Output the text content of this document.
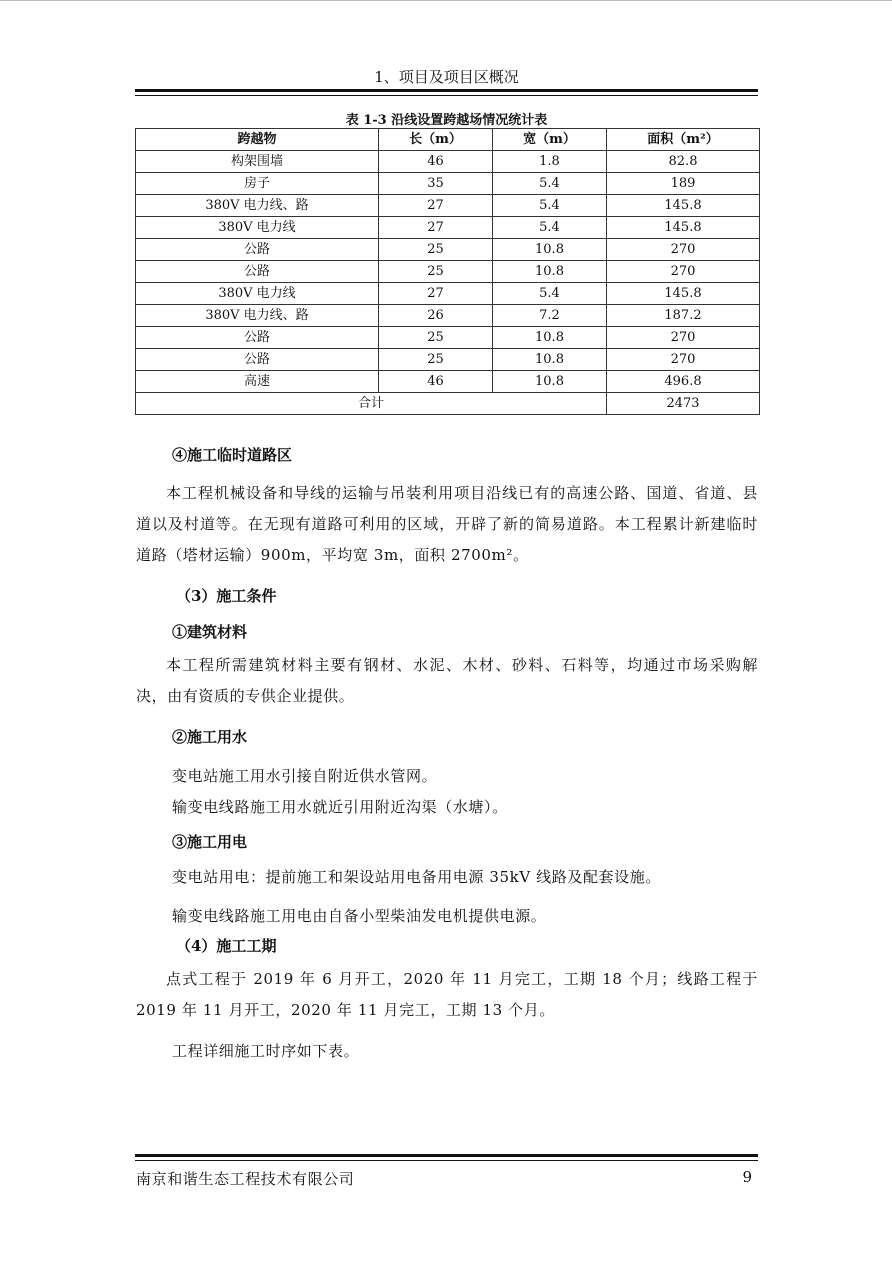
1、项目及项目区概况
表 1-3 沿线设置跨越场情况统计表
跨越物	长（m）	宽（m）	面积（m²）
构架围墙	46	1.8	82.8
房子	35	5.4	189
380V 电力线、路	27	5.4	145.8
380V 电力线	27	5.4	145.8
公路	25	10.8	270
公路	25	10.8	270
380V 电力线	27	5.4	145.8
380V 电力线、路	26	7.2	187.2
公路	25	10.8	270
公路	25	10.8	270
高速	46	10.8	496.8
合计			2473
④施工临时道路区
本工程机械设备和导线的运输与吊装利用项目沿线已有的高速公路、国道、省道、县道以及村道等。在无现有道路可利用的区域，开辟了新的简易道路。本工程累计新建临时道路（塔材运输）900m，平均宽 3m，面积 2700m²。
（3）施工条件
①建筑材料
本工程所需建筑材料主要有钢材、水泥、木材、砂料、石料等，均通过市场采购解决，由有资质的专供企业提供。
②施工用水
变电站施工用水引接自附近供水管网。
输变电线路施工用水就近引用附近沟渠（水塘）。
③施工用电
变电站用电：提前施工和架设站用电备用电源 35kV 线路及配套设施。
输变电线路施工用电由自备小型柴油发电机提供电源。
（4）施工工期
点式工程于 2019 年 6 月开工，2020 年 11 月完工，工期 18 个月；线路工程于 2019 年 11 月开工，2020 年 11 月完工，工期 13 个月。
工程详细施工时序如下表。
南京和谐生态工程技术有限公司	9
